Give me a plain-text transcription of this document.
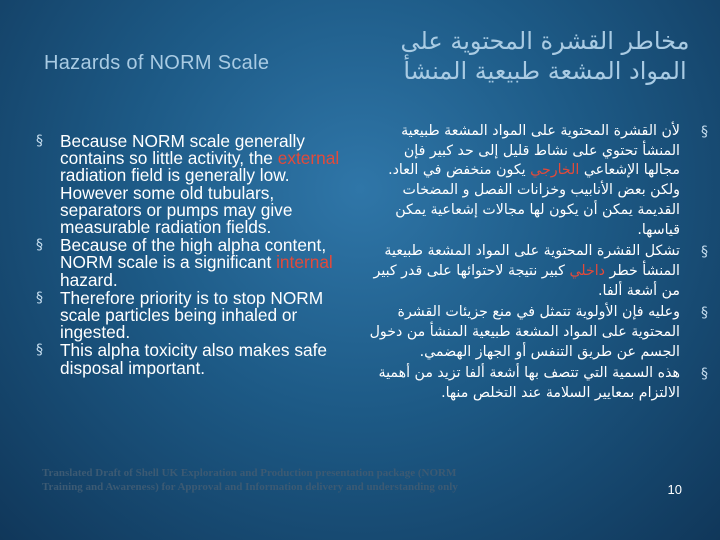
Hazards of NORM Scale
مخاطر القشرة المحتوية على
المواد المشعة طبيعية المنشأ
§ Because NORM scale generally contains so little activity, the external radiation field is generally low. However some old tubulars, separators or pumps may give measurable radiation fields.
§ Because of the high alpha content, NORM scale is a significant internal hazard.
§ Therefore priority is to stop NORM scale particles being inhaled or ingested.
§ This alpha toxicity also makes safe disposal important.
§
لأن القشرة المحتوية على المواد المشعة طبيعية المنشأ تحتوي على نشاط قليل إلى حد كبير فإن مجالها الإشعاعي الخارجي يكون منخفض في العاد. ولكن بعض الأنابيب وخزانات الفصل و المضخات القديمة يمكن أن يكون لها مجالات إشعاعية يمكن قياسها.
§
تشكل القشرة المحتوية على المواد المشعة طبيعية المنشأ خطر داخلي كبير نتيجة لاحتوائها على قدر كبير من أشعة ألفا.
§
وعليه فإن الأولوية تتمثل في منع جزيئات القشرة المحتوية على المواد المشعة طبيعية المنشأ من دخول الجسم عن طريق التنفس أو الجهاز الهضمي.
§
هذه السمية التي تتصف بها أشعة ألفا تزيد من أهمية الالتزام بمعايير السلامة عند التخلص منها.
Translated Draft of Shell UK Exploration and Production presentation package (NORM
Training and Awareness) for Approval and Information delivery and understanding only	10
